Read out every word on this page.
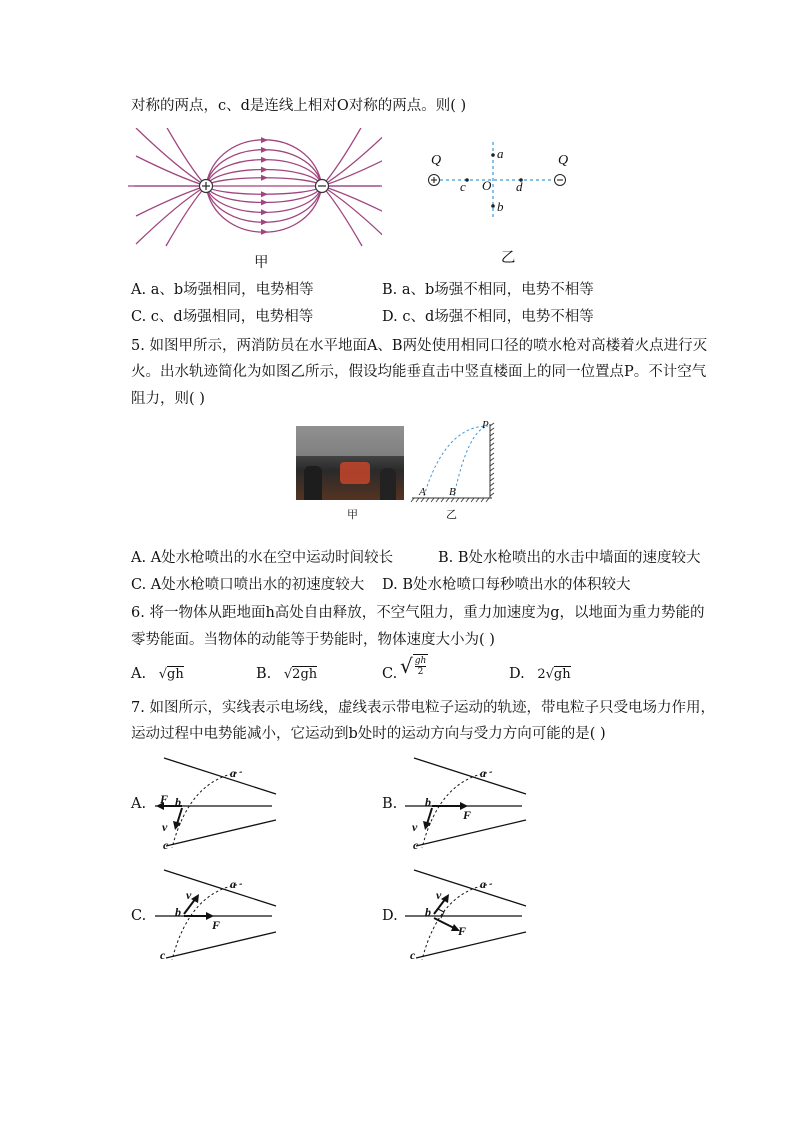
对称的两点，c、d是连线上相对O对称的两点。则( )
甲
Q	Q
a
b
c O d
乙
A. a、b场强相同，电势相等	B. a、b场强不相同，电势不相等
C. c、d场强相同，电势相等	D. c、d场强不相同，电势不相等
5. 如图甲所示，两消防员在水平地面A、B两处使用相同口径的喷水枪对高楼着火点进行灭
火。出水轨迹简化为如图乙所示，假设均能垂直击中竖直楼面上的同一位置点P。不计空气
阻力，则( )
P
A B
甲	乙
A. A处水枪喷出的水在空中运动时间较长	B. B处水枪喷出的水击中墙面的速度较大
C. A处水枪喷口喷出水的初速度较大 D. B处水枪喷口每秒喷出水的体积较大
6. 将一物体从距地面h高处自由释放，不空气阻力，重力加速度为g，以地面为重力势能的
零势能面。当物体的动能等于势能时，物体速度大小为( )
A. √gh	B. √2gh	C. √ $\frac{gh}{2}$	D. 2√gh
7. 如图所示，实线表示电场线，虚线表示带电粒子运动的轨迹，带电粒子只受电场力作用，
运动过程中电势能减小，它运动到b处时的运动方向与受力方向可能的是( )
A.
a
b
F
v
c
B.
a
b
F
v
c
C.
a
b
F
v
c
D.
a
b
F
v
c
